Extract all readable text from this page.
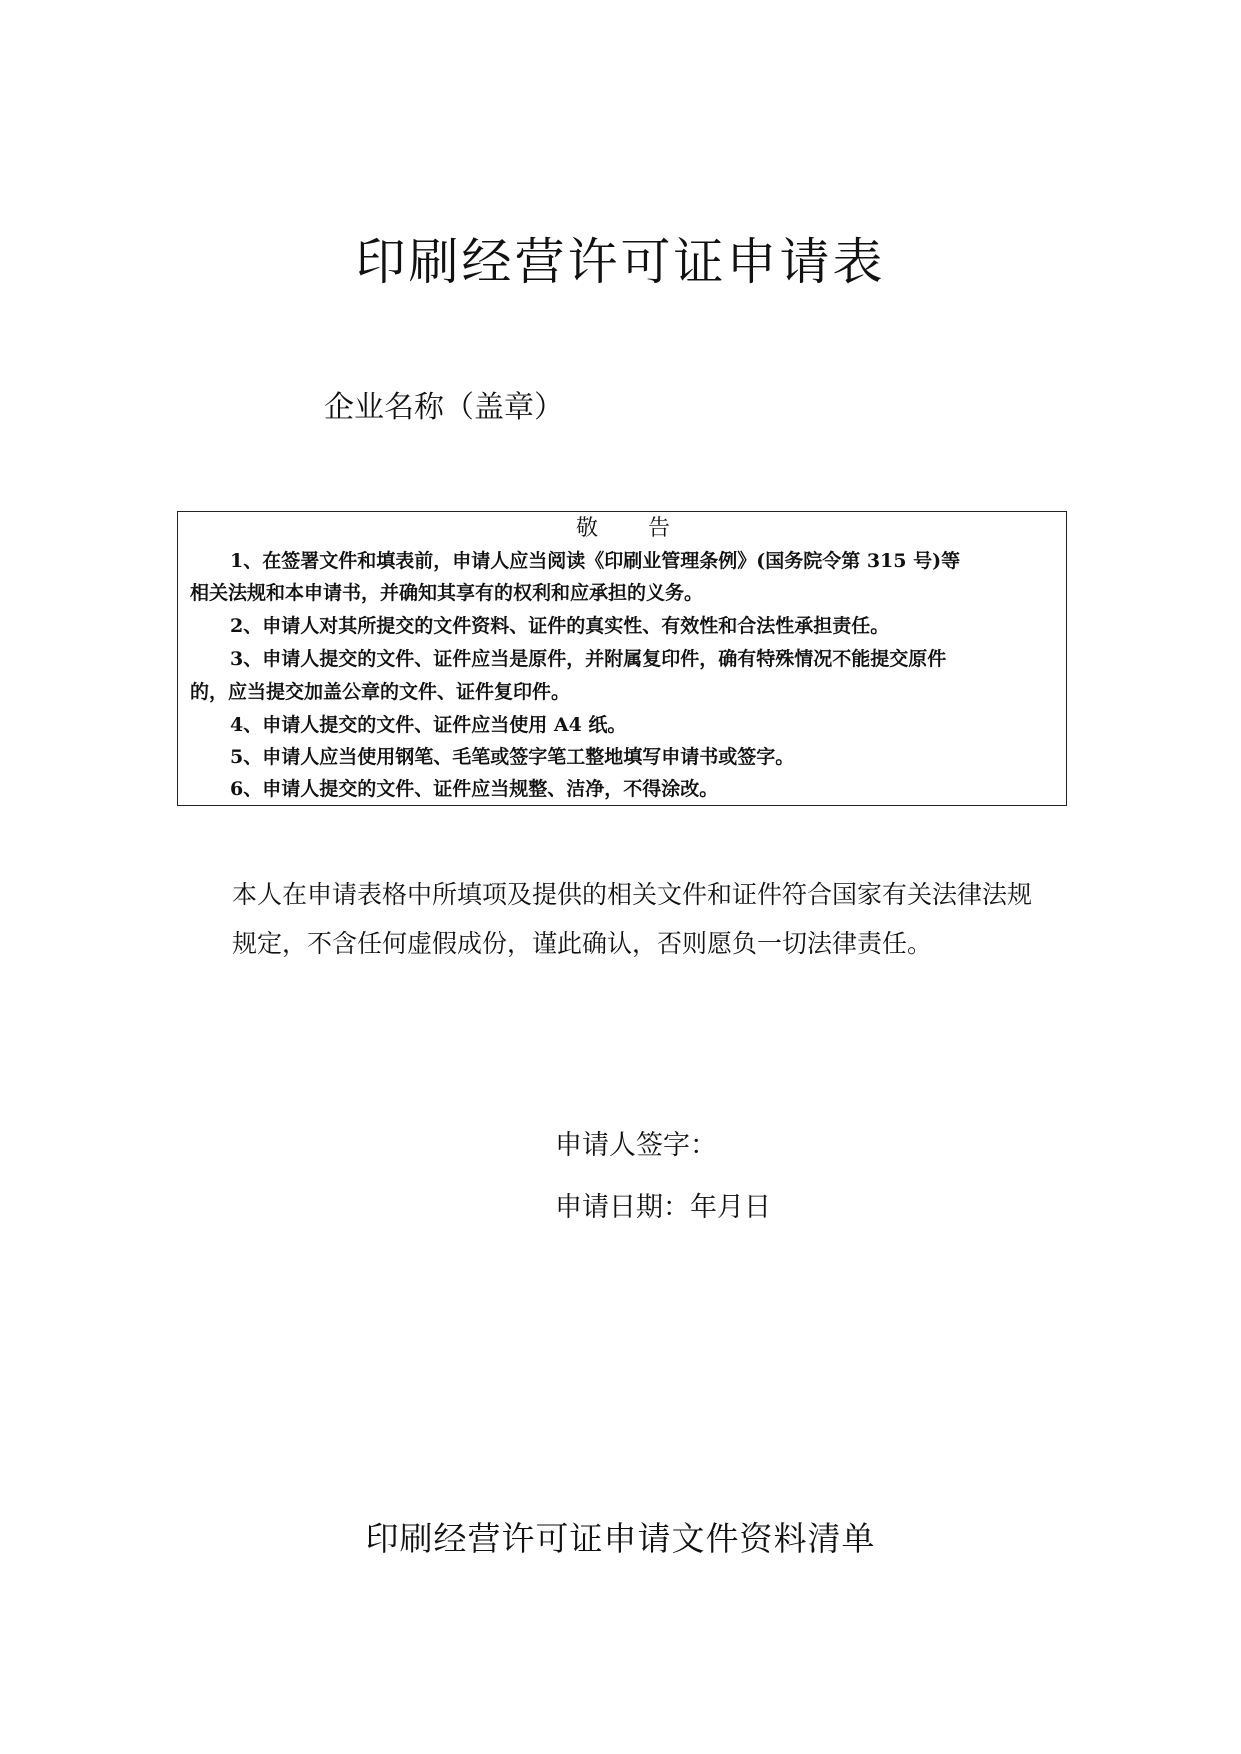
印刷经营许可证申请表
企业名称（盖章）
敬告
1、在签署文件和填表前，申请人应当阅读《印刷业管理条例》(国务院令第 315 号)等
相关法规和本申请书，并确知其享有的权利和应承担的义务。
2、申请人对其所提交的文件资料、证件的真实性、有效性和合法性承担责任。
3、申请人提交的文件、证件应当是原件，并附属复印件，确有特殊情况不能提交原件
的，应当提交加盖公章的文件、证件复印件。
4、申请人提交的文件、证件应当使用 A4 纸。
5、申请人应当使用钢笔、毛笔或签字笔工整地填写申请书或签字。
6、申请人提交的文件、证件应当规整、洁净，不得涂改。
本人在申请表格中所填项及提供的相关文件和证件符合国家有关法律法规
规定，不含任何虚假成份，谨此确认，否则愿负一切法律责任。
申请人签字：
申请日期：年月日
印刷经营许可证申请文件资料清单
